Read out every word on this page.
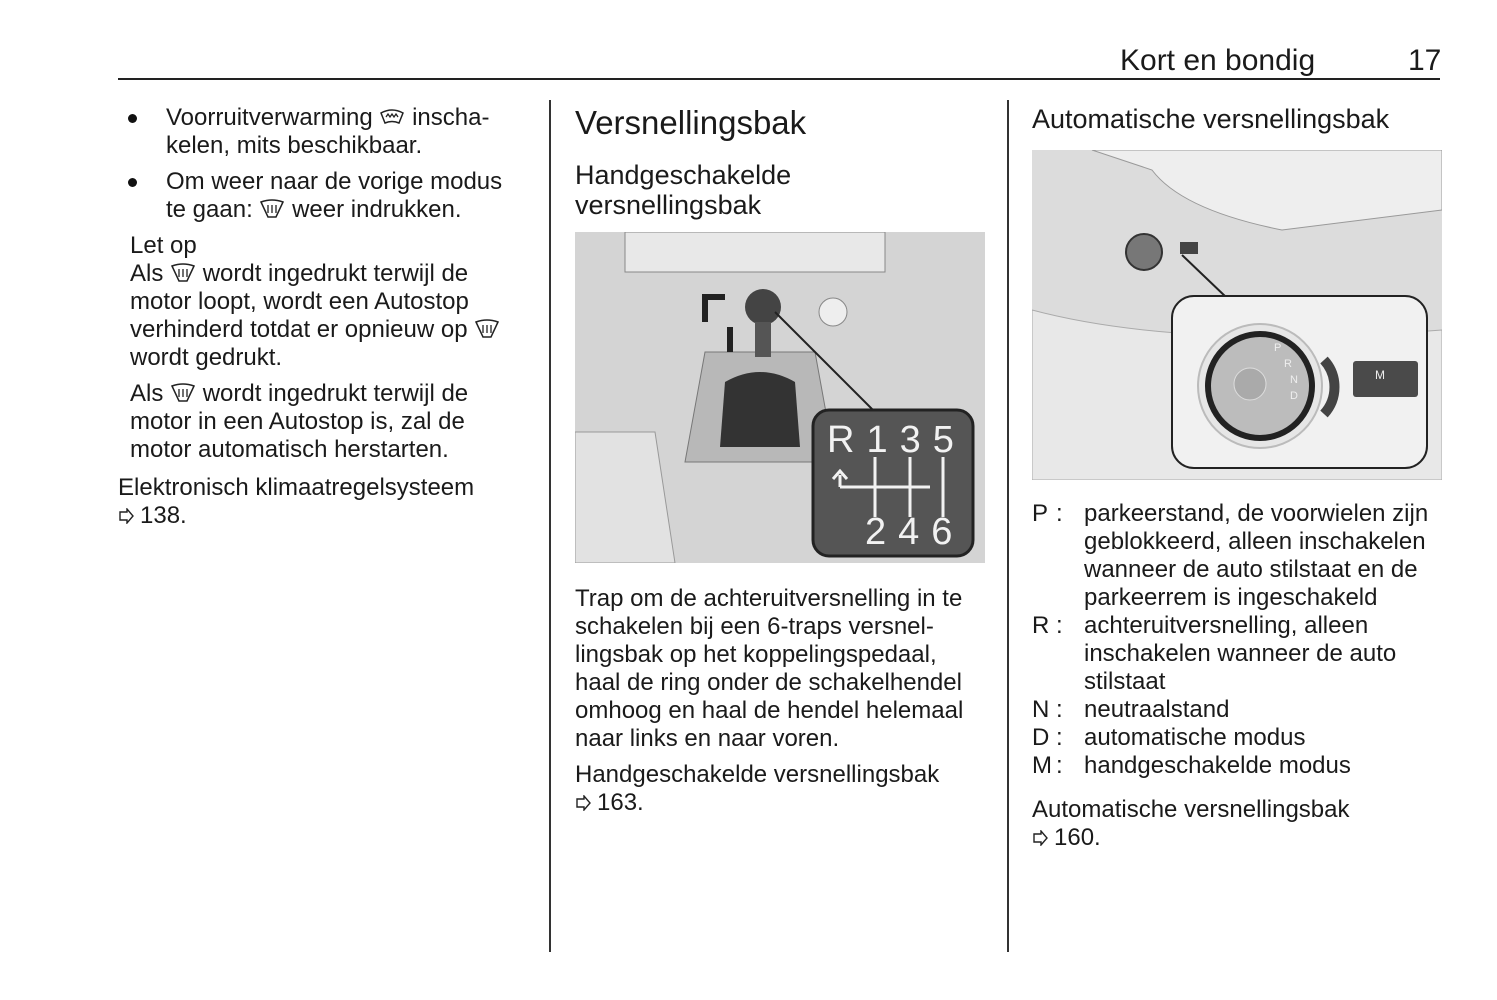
Kort en bondig	17
Voorruitverwarming inscha-kelen, mits beschikbaar.
Om weer naar de vorige modus te gaan: weer indrukken.

Let op

Als wordt ingedrukt terwijl de motor loopt, wordt een Autostop verhinderd totdat er opnieuw op  wordt gedrukt.

Als wordt ingedrukt terwijl de motor in een Autostop is, zal de motor automatisch herstarten.

Elektronisch klimaatregelsysteem
138.

Versnellingsbak
Handgeschakelde versnellingsbak
R135
246

Trap om de achteruitversnelling in te schakelen bij een 6-traps versnel-lingsbak op het koppelingspedaal, haal de ring onder de schakelhendel omhoog en haal de hendel helemaal naar links en naar voren.

Handgeschakelde versnellingsbak
163.

Automatische versnellingsbak
P
R
N
D
M
P : parkeerstand, de voorwielen zijn geblokkeerd, alleen inschakelen wanneer de auto stilstaat en de parkeerrem is ingeschakeld
R : achteruitversnelling, alleen inschakelen wanneer de auto stilstaat
N : neutraalstand
D : automatische modus
M : handgeschakelde modus

Automatische versnellingsbak
160.
